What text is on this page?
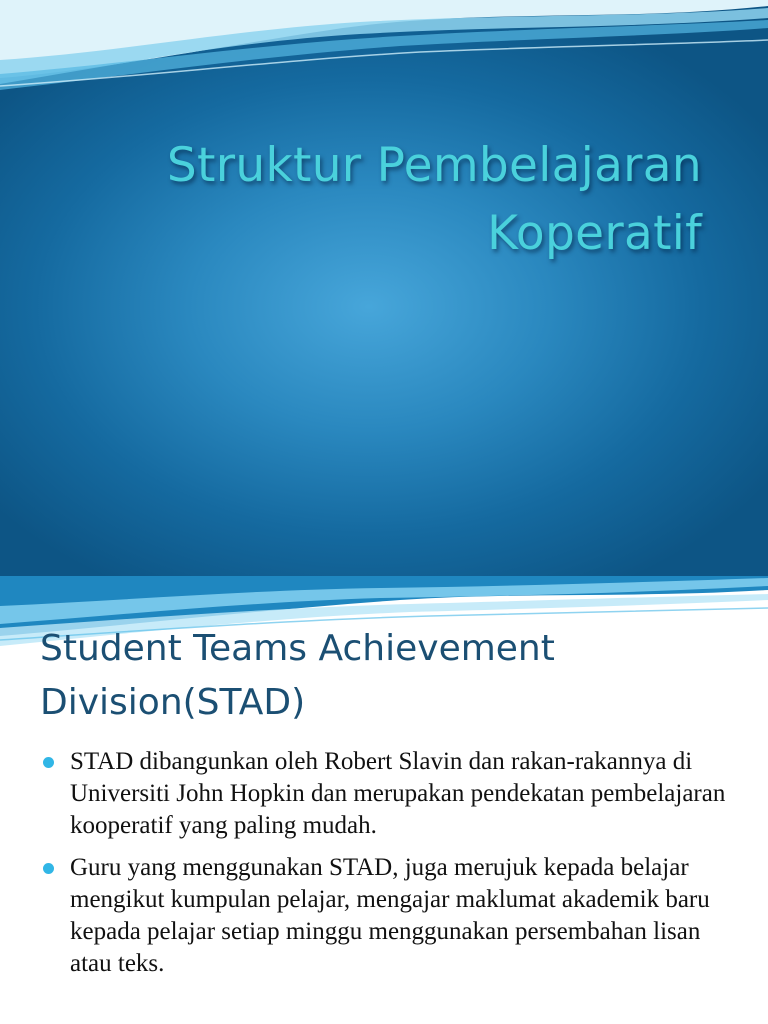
Struktur Pembelajaran
Koperatif
Student Teams Achievement
Division(STAD)
STAD dibangunkan oleh Robert Slavin dan rakan-rakannya di Universiti John Hopkin dan merupakan pendekatan pembelajaran kooperatif yang paling mudah.
Guru yang menggunakan STAD, juga merujuk kepada belajar mengikut kumpulan pelajar, mengajar maklumat akademik baru kepada pelajar setiap minggu menggunakan persembahan lisan atau teks.
